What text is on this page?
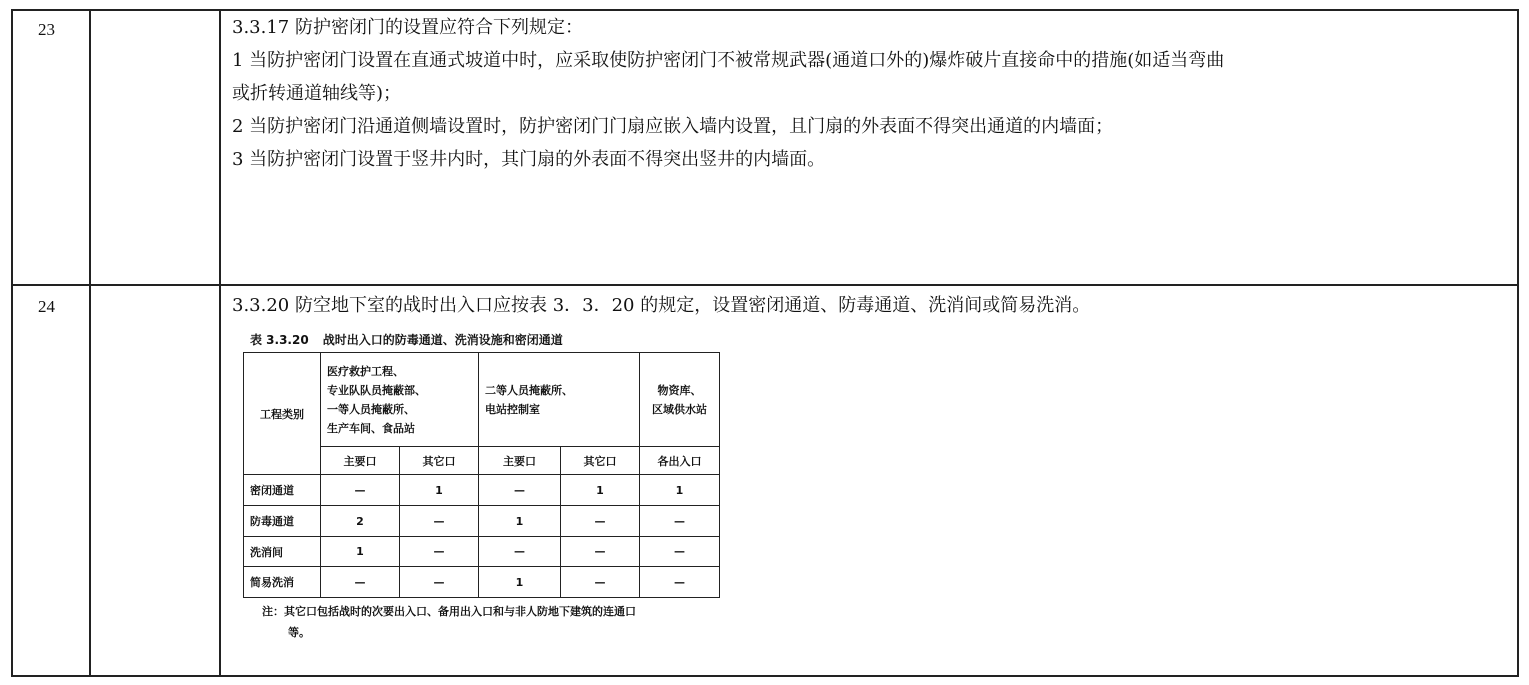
23	3.3.17 防护密闭门的设置应符合下列规定：
1 当防护密闭门设置在直通式坡道中时，应采取使防护密闭门不被常规武器(通道口外的)爆炸破片直接命中的措施(如适当弯曲
或折转通道轴线等)；
2 当防护密闭门沿通道侧墙设置时，防护密闭门门扇应嵌入墙内设置，且门扇的外表面不得突出通道的内墙面；
3 当防护密闭门设置于竖井内时，其门扇的外表面不得突出竖井的内墙面。
24	3.3.20 防空地下室的战时出入口应按表 3．3．20 的规定，设置密闭通道、防毒通道、洗消间或简易洗消。
表 3.3.20 战时出入口的防毒通道、洗消设施和密闭通道
工程类别	医疗救护工程、
专业队队员掩蔽部、
一等人员掩蔽所、
生产车间、食品站		二等人员掩蔽所、
电站控制室		物资库、
区域供水站
	主要口	其它口	主要口	其它口	各出入口
密闭通道	—	1	—	1	1
防毒通道	2	—	1	—	—
洗消间	1	—	—	—	—
简易洗消	—	—	1	—	—
注：其它口包括战时的次要出入口、备用出入口和与非人防地下建筑的连通口
等。
